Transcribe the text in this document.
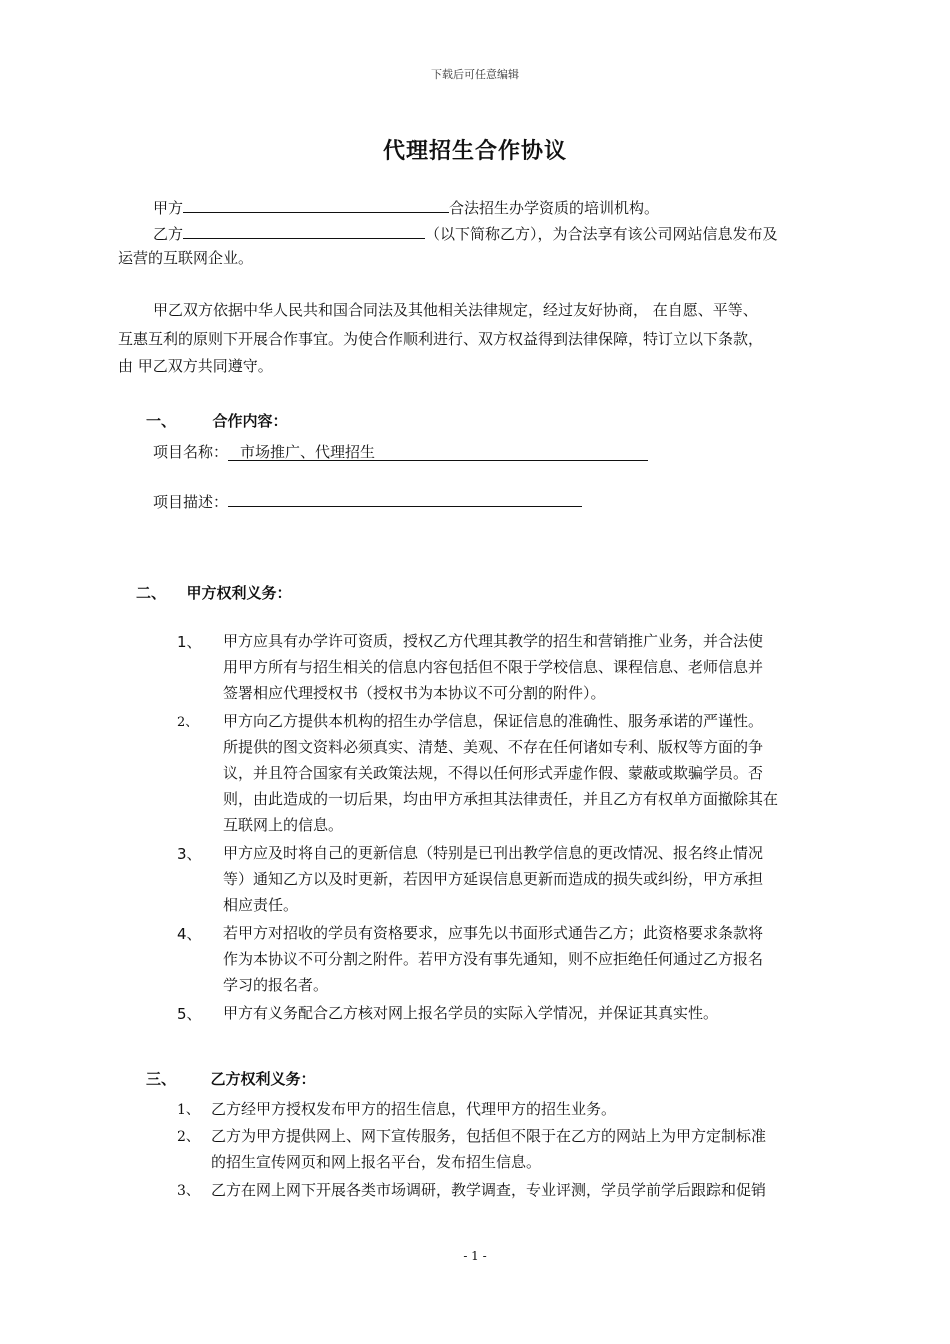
下载后可任意编辑
代理招生合作协议
甲方	合法招生办学资质的培训机构。
乙方	（以下简称乙方），为合法享有该公司网站信息发布及
运营的互联网企业。
甲乙双方依据中华人民共和国合同法及其他相关法律规定，经过友好协商， 在自愿、平等、
互惠互利的原则下开展合作事宜。为使合作顺利进行、双方权益得到法律保障，特订立以下条款，
由 甲乙双方共同遵守。
一、 合作内容：
项目名称： 市场推广、代理招生
项目描述：
二、 甲方权利义务：
1、 甲方应具有办学许可资质，授权乙方代理其教学的招生和营销推广业务，并合法使
用甲方所有与招生相关的信息内容包括但不限于学校信息、课程信息、老师信息并
签署相应代理授权书（授权书为本协议不可分割的附件）。
2、 甲方向乙方提供本机构的招生办学信息，保证信息的准确性、服务承诺的严谨性。
所提供的图文资料必须真实、清楚、美观、不存在任何诸如专利、版权等方面的争
议，并且符合国家有关政策法规，不得以任何形式弄虚作假、蒙蔽或欺骗学员。否
则，由此造成的一切后果，均由甲方承担其法律责任，并且乙方有权单方面撤除其在
互联网上的信息。
3、 甲方应及时将自己的更新信息（特别是已刊出教学信息的更改情况、报名终止情况
等）通知乙方以及时更新，若因甲方延误信息更新而造成的损失或纠纷，甲方承担
相应责任。
4、 若甲方对招收的学员有资格要求，应事先以书面形式通告乙方；此资格要求条款将
作为本协议不可分割之附件。若甲方没有事先通知，则不应拒绝任何通过乙方报名
学习的报名者。
5、 甲方有义务配合乙方核对网上报名学员的实际入学情况，并保证其真实性。
三、 乙方权利义务：
1、 乙方经甲方授权发布甲方的招生信息，代理甲方的招生业务。
2、 乙方为甲方提供网上、网下宣传服务，包括但不限于在乙方的网站上为甲方定制标准
的招生宣传网页和网上报名平台，发布招生信息。
3、 乙方在网上网下开展各类市场调研，教学调查，专业评测，学员学前学后跟踪和促销
- 1 -
